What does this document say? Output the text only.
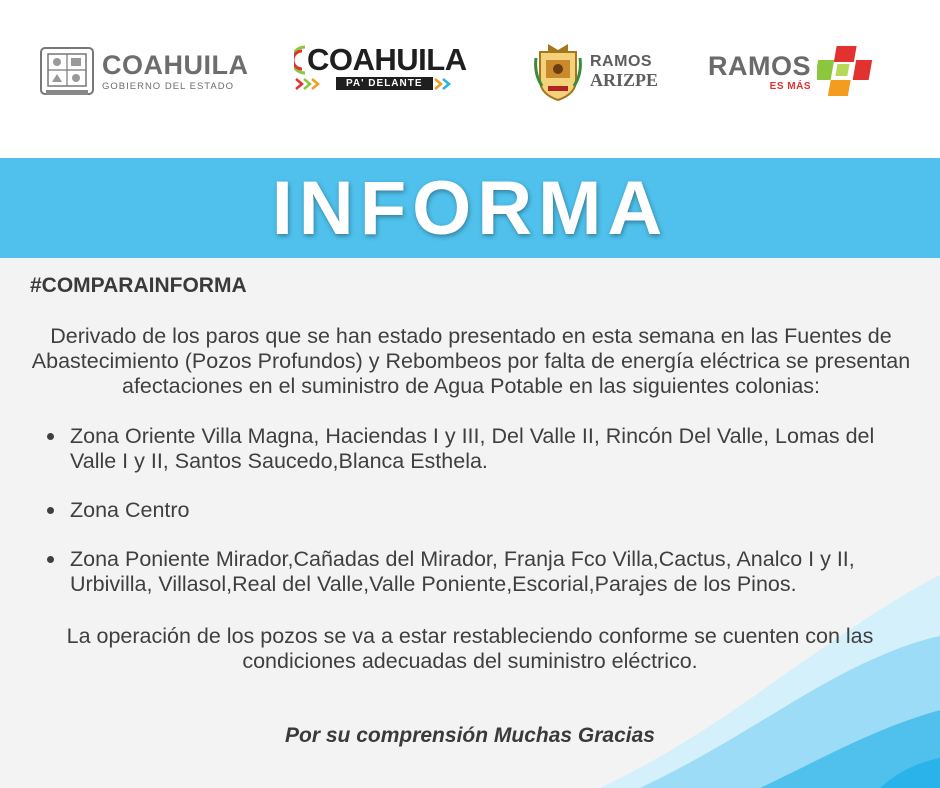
COAHUILA
GOBIERNO DEL ESTADO
COAHUILA
PA' DELANTE
RAMOS
ARIZPE RAMOS
ES MÁS
INFORMA
#COMPARAINFORMA
Derivado de los paros que se han estado presentado en esta semana en las Fuentes de Abastecimiento (Pozos Profundos) y Rebombeos por falta de energía eléctrica se presentan afectaciones en el suministro de Agua Potable en las siguientes colonias:
Zona Oriente Villa Magna, Haciendas I y III, Del Valle II, Rincón Del Valle, Lomas del Valle I y II, Santos Saucedo,Blanca Esthela.
Zona Centro
Zona Poniente Mirador,Cañadas del Mirador, Franja Fco Villa,Cactus, Analco I y II, Urbivilla, Villasol,Real del Valle,Valle Poniente,Escorial,Parajes de los Pinos.
La operación de los pozos se va a estar restableciendo conforme se cuenten con las condiciones adecuadas del suministro eléctrico.
Por su comprensión Muchas Gracias
